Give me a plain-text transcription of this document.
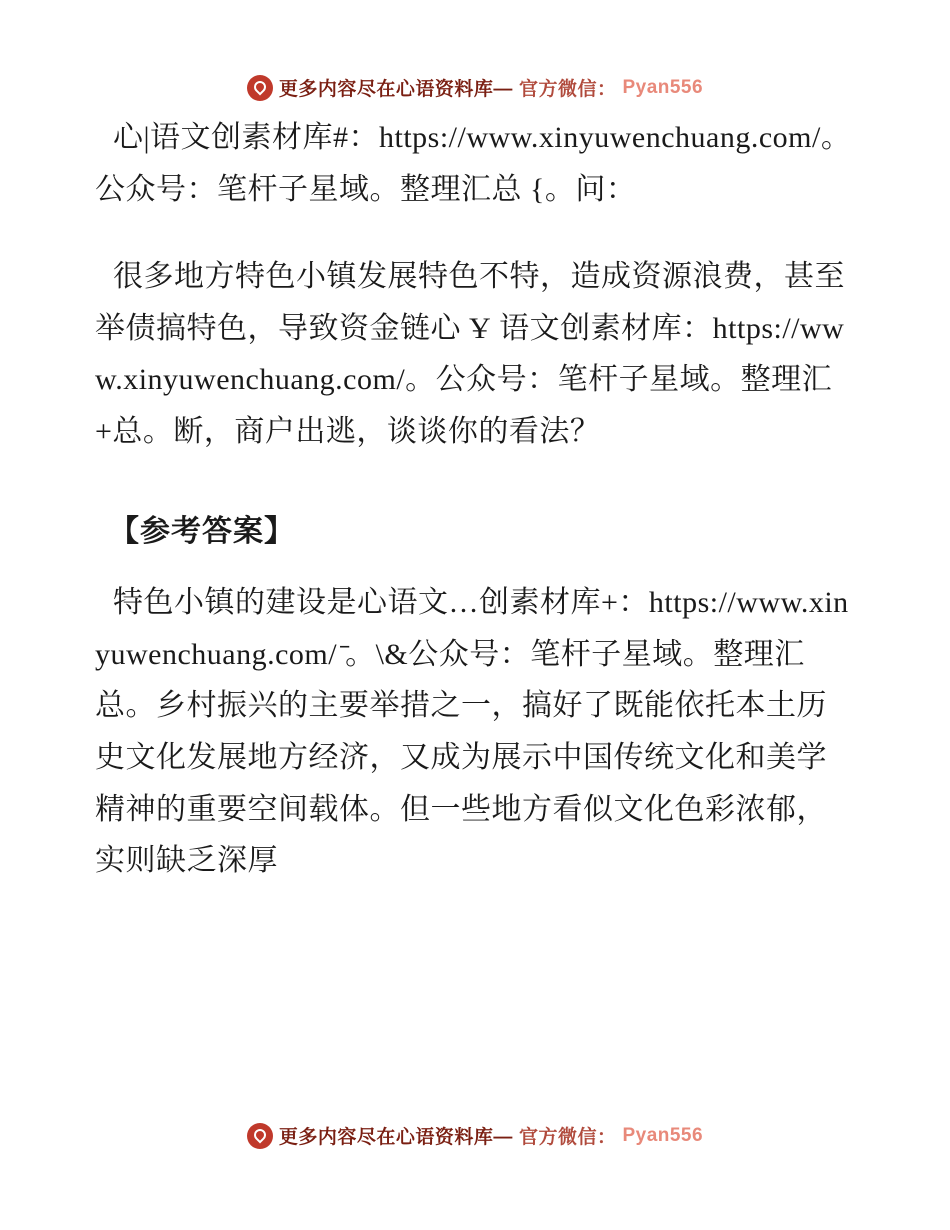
更多内容尽在心语资料库— 官方微信： Pyan556

心|语文创素材库#：https://www.xinyuwenchuang.com/。公众号：笔杆子星域。整理汇总 {。问：

很多地方特色小镇发展特色不特，造成资源浪费，甚至举债搞特色，导致资金链心 Ұ 语文创素材库：https://www.xinyuwenchuang.com/。公众号：笔杆子星域。整理汇+总。断，商户出逃，谈谈你的看法？

【参考答案】

特色小镇的建设是心语文…创素材库+：https://www.xinyuwenchuang.com/ ̄。\&公众号：笔杆子星域。整理汇总。乡村振兴的主要举措之一，搞好了既能依托本土历史文化发展地方经济，又成为展示中国传统文化和美学精神的重要空间载体。但一些地方看似文化色彩浓郁，实则缺乏深厚

更多内容尽在心语资料库— 官方微信： Pyan556
